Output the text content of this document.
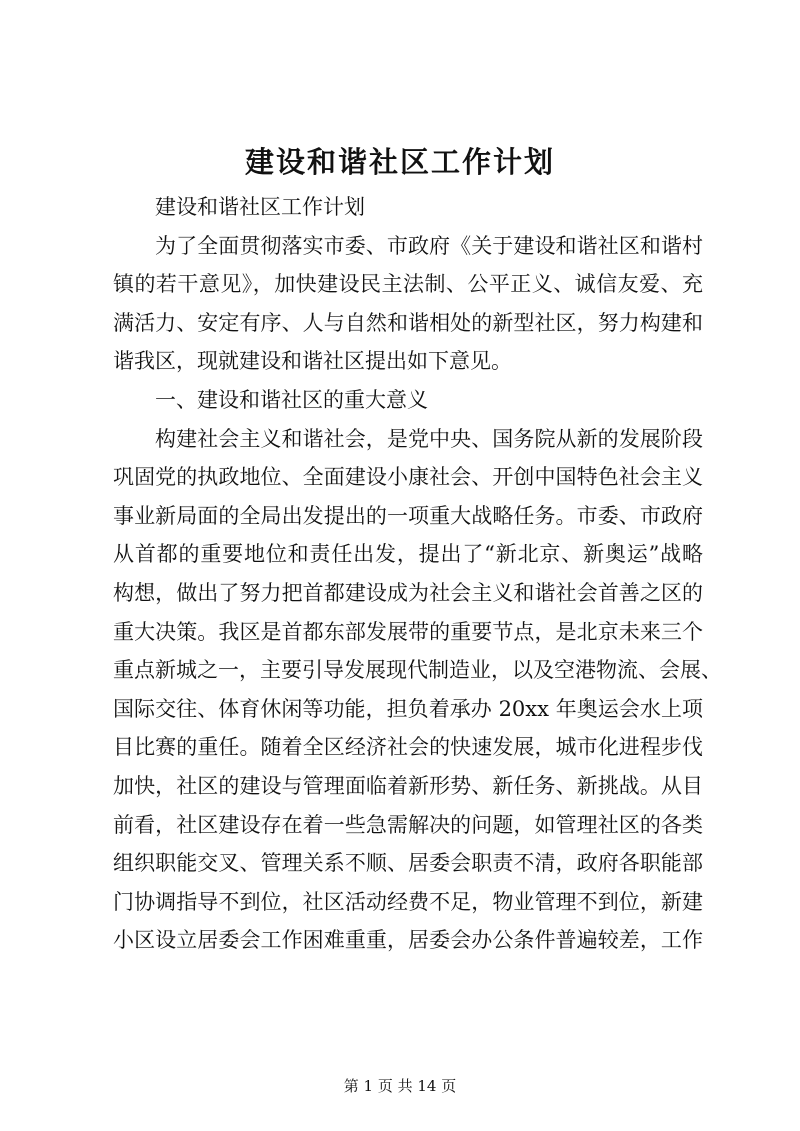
建设和谐社区工作计划
建设和谐社区工作计划
为了全面贯彻落实市委、市政府《关于建设和谐社区和谐村
镇的若干意见》，加快建设民主法制、公平正义、诚信友爱、充
满活力、安定有序、人与自然和谐相处的新型社区，努力构建和
谐我区，现就建设和谐社区提出如下意见。
一、建设和谐社区的重大意义
构建社会主义和谐社会，是党中央、国务院从新的发展阶段
巩固党的执政地位、全面建设小康社会、开创中国特色社会主义
事业新局面的全局出发提出的一项重大战略任务。市委、市政府
从首都的重要地位和责任出发，提出了“新北京、新奥运”战略
构想，做出了努力把首都建设成为社会主义和谐社会首善之区的
重大决策。我区是首都东部发展带的重要节点，是北京未来三个
重点新城之一，主要引导发展现代制造业，以及空港物流、会展、
国际交往、体育休闲等功能，担负着承办 20xx 年奥运会水上项
目比赛的重任。随着全区经济社会的快速发展，城市化进程步伐
加快，社区的建设与管理面临着新形势、新任务、新挑战。从目
前看，社区建设存在着一些急需解决的问题，如管理社区的各类
组织职能交叉、管理关系不顺、居委会职责不清，政府各职能部
门协调指导不到位，社区活动经费不足，物业管理不到位，新建
小区设立居委会工作困难重重，居委会办公条件普遍较差，工作
第 1 页 共 14 页
